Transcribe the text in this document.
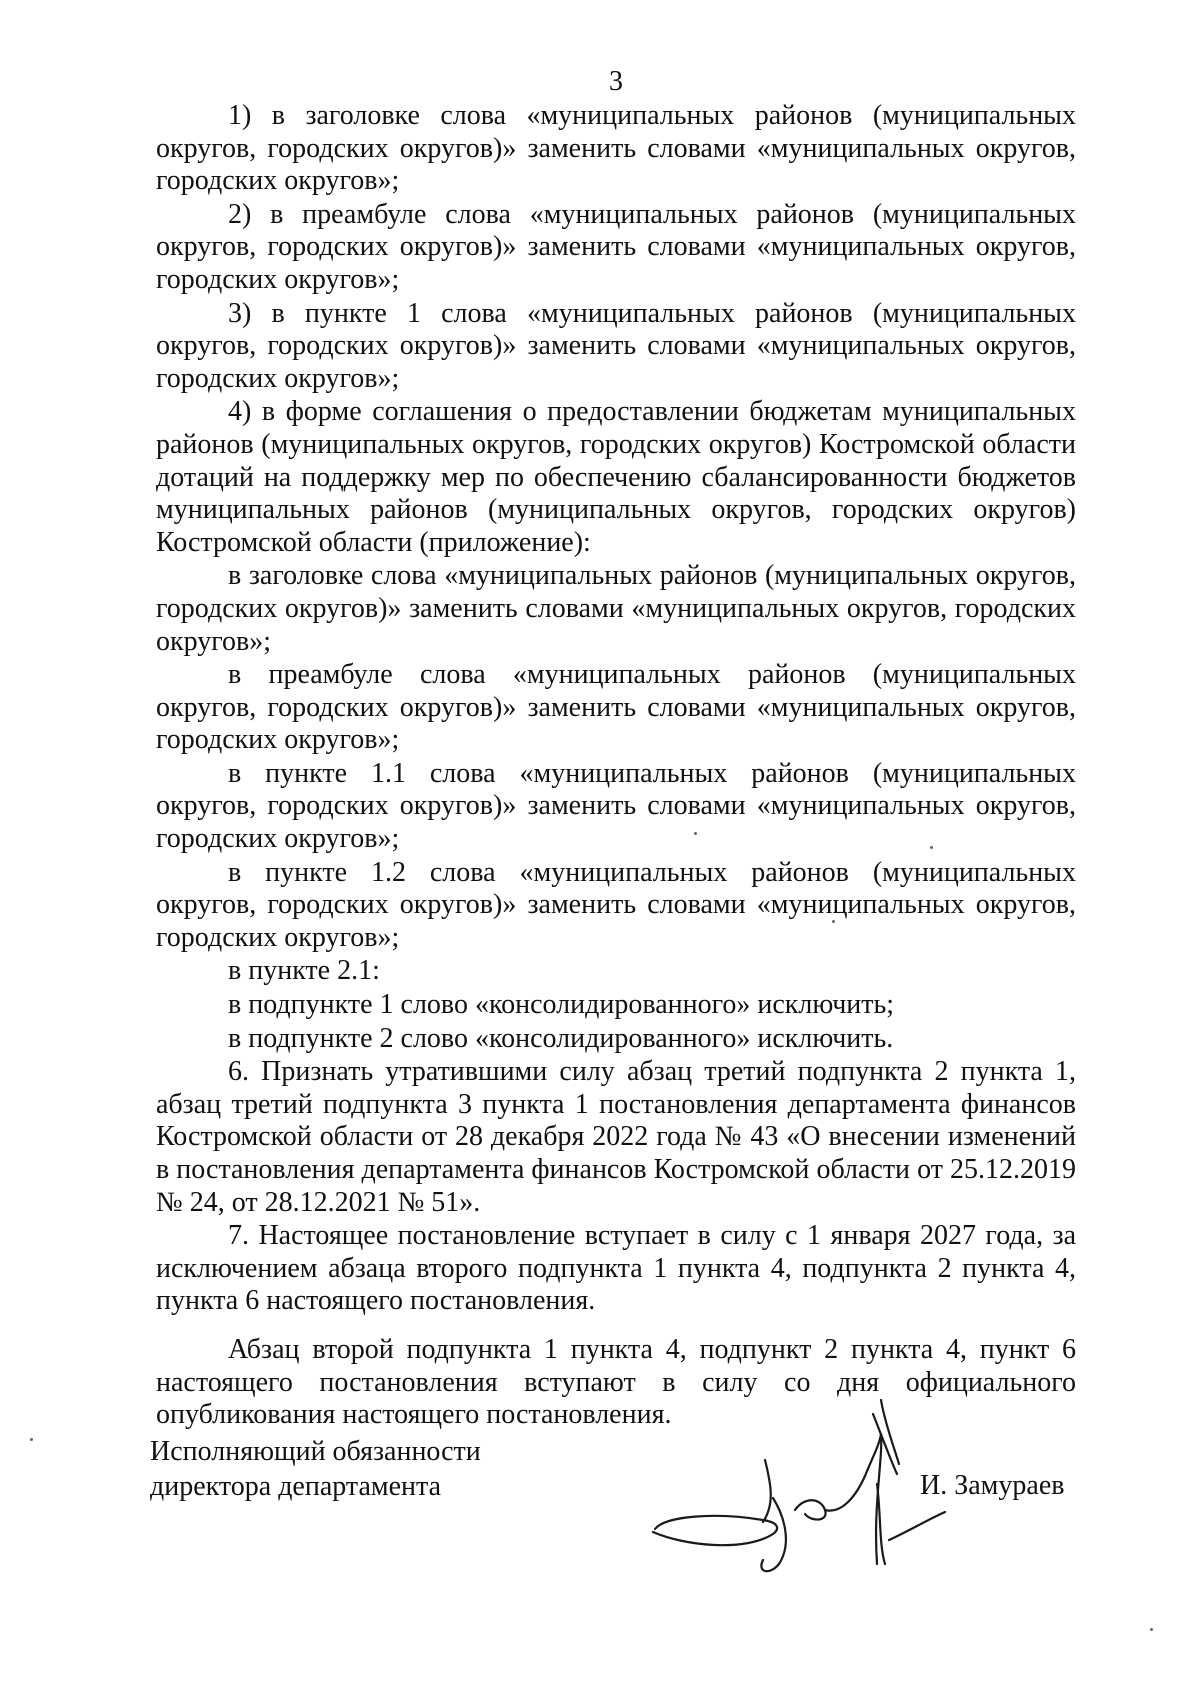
3

1) в заголовке слова «муниципальных районов (муниципальных округов, городских округов)» заменить словами «муниципальных округов, городских округов»;

2) в преамбуле слова «муниципальных районов (муниципальных округов, городских округов)» заменить словами «муниципальных округов, городских округов»;

3) в пункте 1 слова «муниципальных районов (муниципальных округов, городских округов)» заменить словами «муниципальных округов, городских округов»;

4) в форме соглашения о предоставлении бюджетам муниципальных районов (муниципальных округов, городских округов) Костромской области дотаций на поддержку мер по обеспечению сбалансированности бюджетов муниципальных районов (муниципальных округов, городских округов) Костромской области (приложение):

в заголовке слова «муниципальных районов (муниципальных округов, городских округов)» заменить словами «муниципальных округов, городских округов»;

в преамбуле слова «муниципальных районов (муниципальных округов, городских округов)» заменить словами «муниципальных округов, городских округов»;

в пункте 1.1 слова «муниципальных районов (муниципальных округов, городских округов)» заменить словами «муниципальных округов, городских округов»;

в пункте 1.2 слова «муниципальных районов (муниципальных округов, городских округов)» заменить словами «муниципальных округов, городских округов»;

в пункте 2.1:

в подпункте 1 слово «консолидированного» исключить;

в подпункте 2 слово «консолидированного» исключить.

6. Признать утратившими силу абзац третий подпункта 2 пункта 1, абзац третий подпункта 3 пункта 1 постановления департамента финансов Костромской области от 28 декабря 2022 года № 43 «О внесении изменений в постановления департамента финансов Костромской области от 25.12.2019 № 24, от 28.12.2021 № 51».

7. Настоящее постановление вступает в силу с 1 января 2027 года, за исключением абзаца второго подпункта 1 пункта 4, подпункта 2 пункта 4, пункта 6 настоящего постановления.

Абзац второй подпункта 1 пункта 4, подпункт 2 пункта 4, пункт 6 настоящего постановления вступают в силу со дня официального опубликования настоящего постановления.

Исполняющий обязанности
директора департамента	И. Замураев
